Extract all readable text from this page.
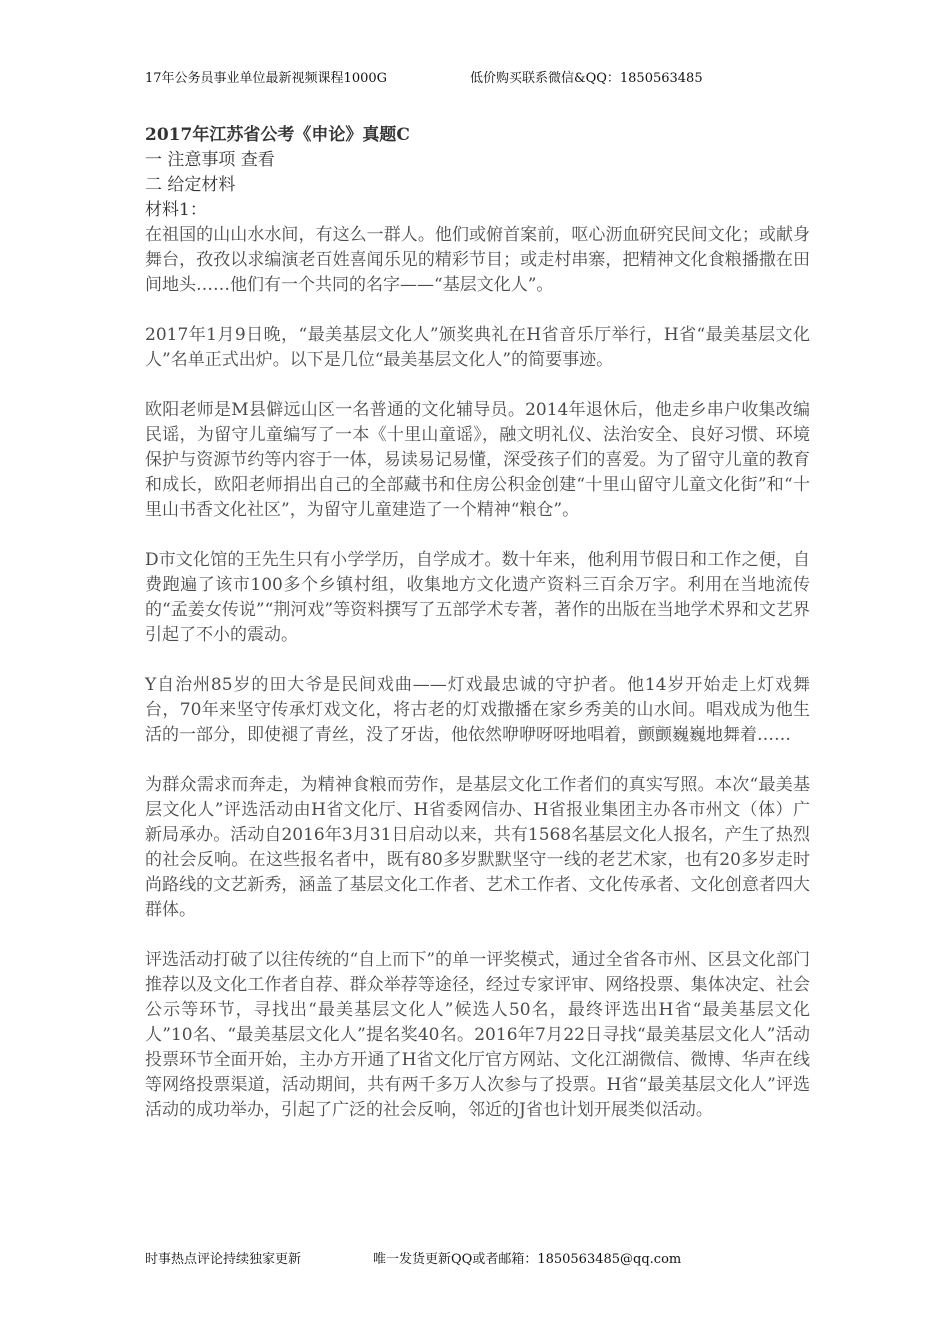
17年公务员事业单位最新视频课程1000G	低价购买联系微信&QQ：1850563485
2017年江苏省公考《申论》真题C
一 注意事项 查看
二 给定材料
材料1：

在祖国的山山水水间，有这么一群人。他们或俯首案前，呕心沥血研究民间文化；或献身舞台，孜孜以求编演老百姓喜闻乐见的精彩节目；或走村串寨，把精神文化食粮播撒在田间地头……他们有一个共同的名字——“基层文化人”。

2017年1月9日晚，“最美基层文化人”颁奖典礼在H省音乐厅举行，H省“最美基层文化人”名单正式出炉。以下是几位“最美基层文化人”的简要事迹。

欧阳老师是M县僻远山区一名普通的文化辅导员。2014年退休后，他走乡串户收集改编民谣，为留守儿童编写了一本《十里山童谣》，融文明礼仪、法治安全、良好习惯、环境保护与资源节约等内容于一体，易读易记易懂，深受孩子们的喜爱。为了留守儿童的教育和成长，欧阳老师捐出自己的全部藏书和住房公积金创建“十里山留守儿童文化街”和“十里山书香文化社区”，为留守儿童建造了一个精神“粮仓”。

D市文化馆的王先生只有小学学历，自学成才。数十年来，他利用节假日和工作之便，自费跑遍了该市100多个乡镇村组，收集地方文化遗产资料三百余万字。利用在当地流传的“孟姜女传说”“荆河戏”等资料撰写了五部学术专著，著作的出版在当地学术界和文艺界引起了不小的震动。

Y自治州85岁的田大爷是民间戏曲——灯戏最忠诚的守护者。他14岁开始走上灯戏舞台，70年来坚守传承灯戏文化，将古老的灯戏撒播在家乡秀美的山水间。唱戏成为他生活的一部分，即使褪了青丝，没了牙齿，他依然咿咿呀呀地唱着，颤颤巍巍地舞着……

为群众需求而奔走，为精神食粮而劳作，是基层文化工作者们的真实写照。本次“最美基层文化人”评选活动由H省文化厅、H省委网信办、H省报业集团主办各市州文（体）广新局承办。活动自2016年3月31日启动以来，共有1568名基层文化人报名，产生了热烈的社会反响。在这些报名者中，既有80多岁默默坚守一线的老艺术家，也有20多岁走时尚路线的文艺新秀，涵盖了基层文化工作者、艺术工作者、文化传承者、文化创意者四大群体。

评选活动打破了以往传统的“自上而下”的单一评奖模式，通过全省各市州、区县文化部门推荐以及文化工作者自荐、群众举荐等途径，经过专家评审、网络投票、集体决定、社会公示等环节，寻找出“最美基层文化人”候选人50名，最终评选出H省“最美基层文化人”10名、“最美基层文化人”提名奖40名。2016年7月22日寻找“最美基层文化人”活动投票环节全面开始，主办方开通了H省文化厅官方网站、文化江湖微信、微博、华声在线等网络投票渠道，活动期间，共有两千多万人次参与了投票。H省“最美基层文化人”评选活动的成功举办，引起了广泛的社会反响，邻近的J省也计划开展类似活动。

时事热点评论持续独家更新	唯一发货更新QQ或者邮箱：1850563485@qq.com
